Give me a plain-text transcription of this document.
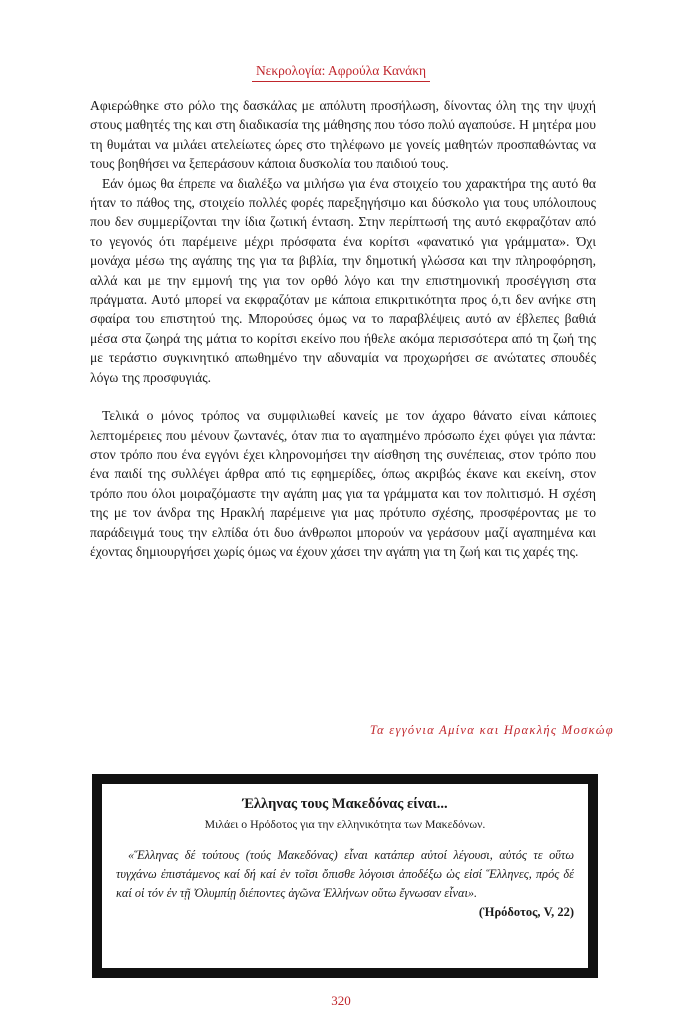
Νεκρολογία: Αφρούλα Κανάκη

Αφιερώθηκε στο ρόλο της δασκάλας με απόλυτη προσήλωση, δίνοντας όλη της την ψυχή στους μαθητές της και στη διαδικασία της μάθησης που τόσο πολύ αγαπούσε. Η μητέρα μου τη θυμάται να μιλάει ατελείωτες ώρες στο τηλέφωνο με γονείς μαθητών προσπαθώντας να τους βοηθήσει να ξεπεράσουν κάποια δυσκολία του παιδιού τους.

Εάν όμως θα έπρεπε να διαλέξω να μιλήσω για ένα στοιχείο του χαρακτήρα της αυτό θα ήταν το πάθος της, στοιχείο πολλές φορές παρεξηγήσιμο και δύσκολο για τους υπόλοιπους που δεν συμμερίζονται την ίδια ζωτική ένταση. Στην περίπτωσή της αυτό εκφραζόταν από το γεγονός ότι παρέμεινε μέχρι πρόσφατα ένα κορίτσι «φανατικό για γράμματα». Όχι μονάχα μέσω της αγάπης της για τα βιβλία, την δημοτική γλώσσα και την πληροφόρηση, αλλά και με την εμμονή της για τον ορθό λόγο και την επιστημονική προσέγγιση στα πράγματα. Αυτό μπορεί να εκφραζόταν με κάποια επικριτικότητα προς ό,τι δεν ανήκε στη σφαίρα του επιστητού της. Μπορούσες όμως να το παραβλέψεις αυτό αν έβλεπες βαθιά μέσα στα ζωηρά της μάτια το κορίτσι εκείνο που ήθελε ακόμα περισσότερα από τη ζωή της με τεράστιο συγκινητικό απωθημένο την αδυναμία να προχωρήσει σε ανώτατες σπουδές λόγω της προσφυγιάς.

Τελικά ο μόνος τρόπος να συμφιλιωθεί κανείς με τον άχαρο θάνατο είναι κάποιες λεπτομέρειες που μένουν ζωντανές, όταν πια το αγαπημένο πρόσωπο έχει φύγει για πάντα: στον τρόπο που ένα εγγόνι έχει κληρονομήσει την αίσθηση της συνέπειας, στον τρόπο που ένα παιδί της συλλέγει άρθρα από τις εφημερίδες, όπως ακριβώς έκανε και εκείνη, στον τρόπο που όλοι μοιραζόμαστε την αγάπη μας για τα γράμματα και τον πολιτισμό. Η σχέση της με τον άνδρα της Ηρακλή παρέμεινε για μας πρότυπο σχέσης, προσφέροντας με το παράδειγμά τους την ελπίδα ότι δυο άνθρωποι μπορούν να γεράσουν μαζί αγαπημένα και έχοντας δημιουργήσει χωρίς όμως να έχουν χάσει την αγάπη για τη ζωή και τις χαρές της.

Τα εγγόνια Αμίνα και Ηρακλής Μοσκώφ
Έλληνας τους Μακεδόνας είναι...
Μιλάει ο Ηρόδοτος για την ελληνικότητα των Μακεδόνων.
«Ἕλληνας δέ τούτους (τούς Μακεδόνας) εἶναι κατάπερ αὐτοί λέγουσι, αὐτός τε οὕτω τυγχάνω ἐπιστάμενος καί δή καί ἐν τοῖσι ὄπισθε λόγοισι ἀποδέξω ὡς εἰσί Ἕλληνες, πρός δέ καί οἱ τόν ἐν τῇ Ὀλυμπίῃ διέποντες ἀγῶνα Ἑλλήνων οὕτω ἔγνωσαν εἶναι».
(Ἡρόδοτος, V, 22)
320
